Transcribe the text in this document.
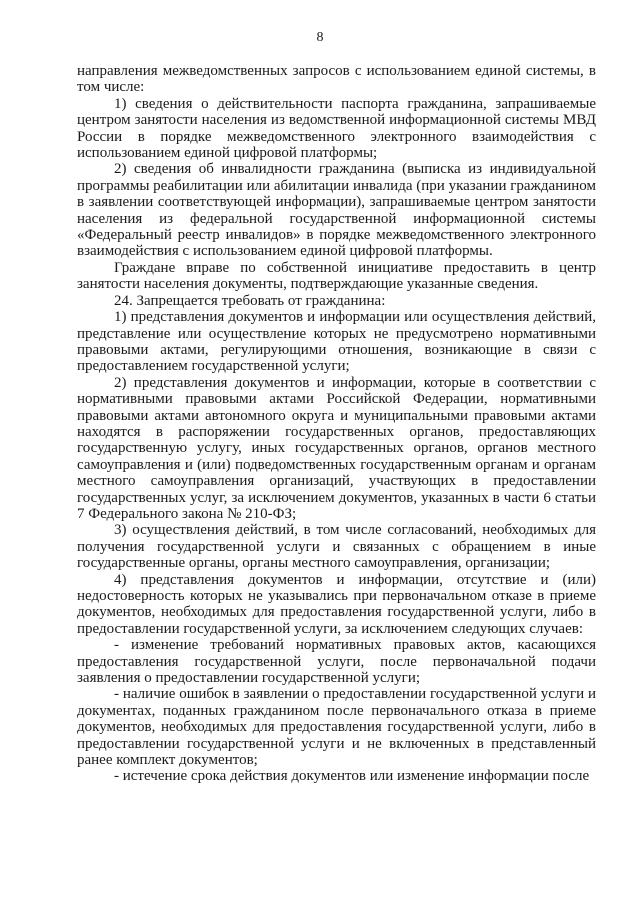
8

направления межведомственных запросов с использованием единой системы, в том числе:

1) сведения о действительности паспорта гражданина, запрашиваемые центром занятости населения из ведомственной информационной системы МВД России в порядке межведомственного электронного взаимодействия с использованием единой цифровой платформы;

2) сведения об инвалидности гражданина (выписка из индивидуальной программы реабилитации или абилитации инвалида (при указании гражданином в заявлении соответствующей информации), запрашиваемые центром занятости населения из федеральной государственной информационной системы «Федеральный реестр инвалидов» в порядке межведомственного электронного взаимодействия с использованием единой цифровой платформы.

Граждане вправе по собственной инициативе предоставить в центр занятости населения документы, подтверждающие указанные сведения.

24. Запрещается требовать от гражданина:

1) представления документов и информации или осуществления действий, представление или осуществление которых не предусмотрено нормативными правовыми актами, регулирующими отношения, возникающие в связи с предоставлением государственной услуги;

2) представления документов и информации, которые в соответствии с нормативными правовыми актами Российской Федерации, нормативными правовыми актами автономного округа и муниципальными правовыми актами находятся в распоряжении государственных органов, предоставляющих государственную услугу, иных государственных органов, органов местного самоуправления и (или) подведомственных государственным органам и органам местного самоуправления организаций, участвующих в предоставлении государственных услуг, за исключением документов, указанных в части 6 статьи 7 Федерального закона № 210-ФЗ;

3) осуществления действий, в том числе согласований, необходимых для получения государственной услуги и связанных с обращением в иные государственные органы, органы местного самоуправления, организации;

4) представления документов и информации, отсутствие и (или) недостоверность которых не указывались при первоначальном отказе в приеме документов, необходимых для предоставления государственной услуги, либо в предоставлении государственной услуги, за исключением следующих случаев:

- изменение требований нормативных правовых актов, касающихся предоставления государственной услуги, после первоначальной подачи заявления о предоставлении государственной услуги;

- наличие ошибок в заявлении о предоставлении государственной услуги и документах, поданных гражданином после первоначального отказа в приеме документов, необходимых для предоставления государственной услуги, либо в предоставлении государственной услуги и не включенных в представленный ранее комплект документов;

- истечение срока действия документов или изменение информации после
